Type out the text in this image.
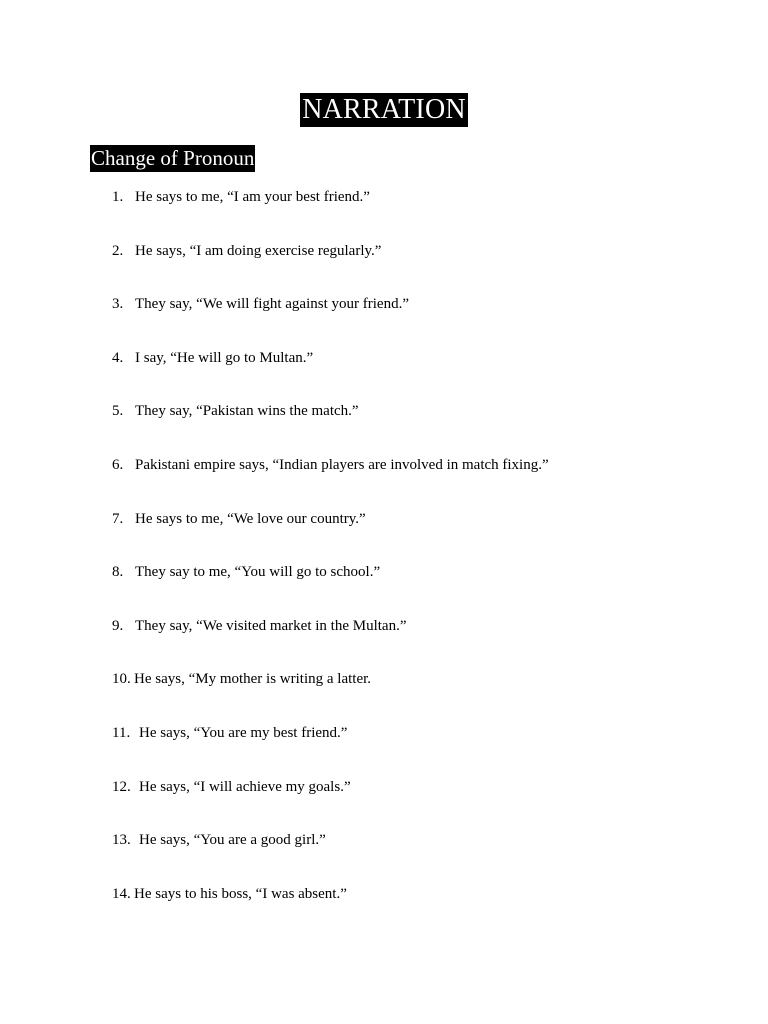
NARRATION
Change of Pronoun
1. He says to me, “I am your best friend.”
2. He says, “I am doing exercise regularly.”
3. They say, “We will fight against your friend.”
4. I say, “He will go to Multan.”
5. They say, “Pakistan wins the match.”
6. Pakistani empire says, “Indian players are involved in match fixing.”
7. He says to me, “We love our country.”
8. They say to me, “You will go to school.”
9. They say, “We visited market in the Multan.”
10. He says, “My mother is writing a latter.
11. He says, “You are my best friend.”
12. He says, “I will achieve my goals.”
13. He says, “You are a good girl.”
14. He says to his boss, “I was absent.”
